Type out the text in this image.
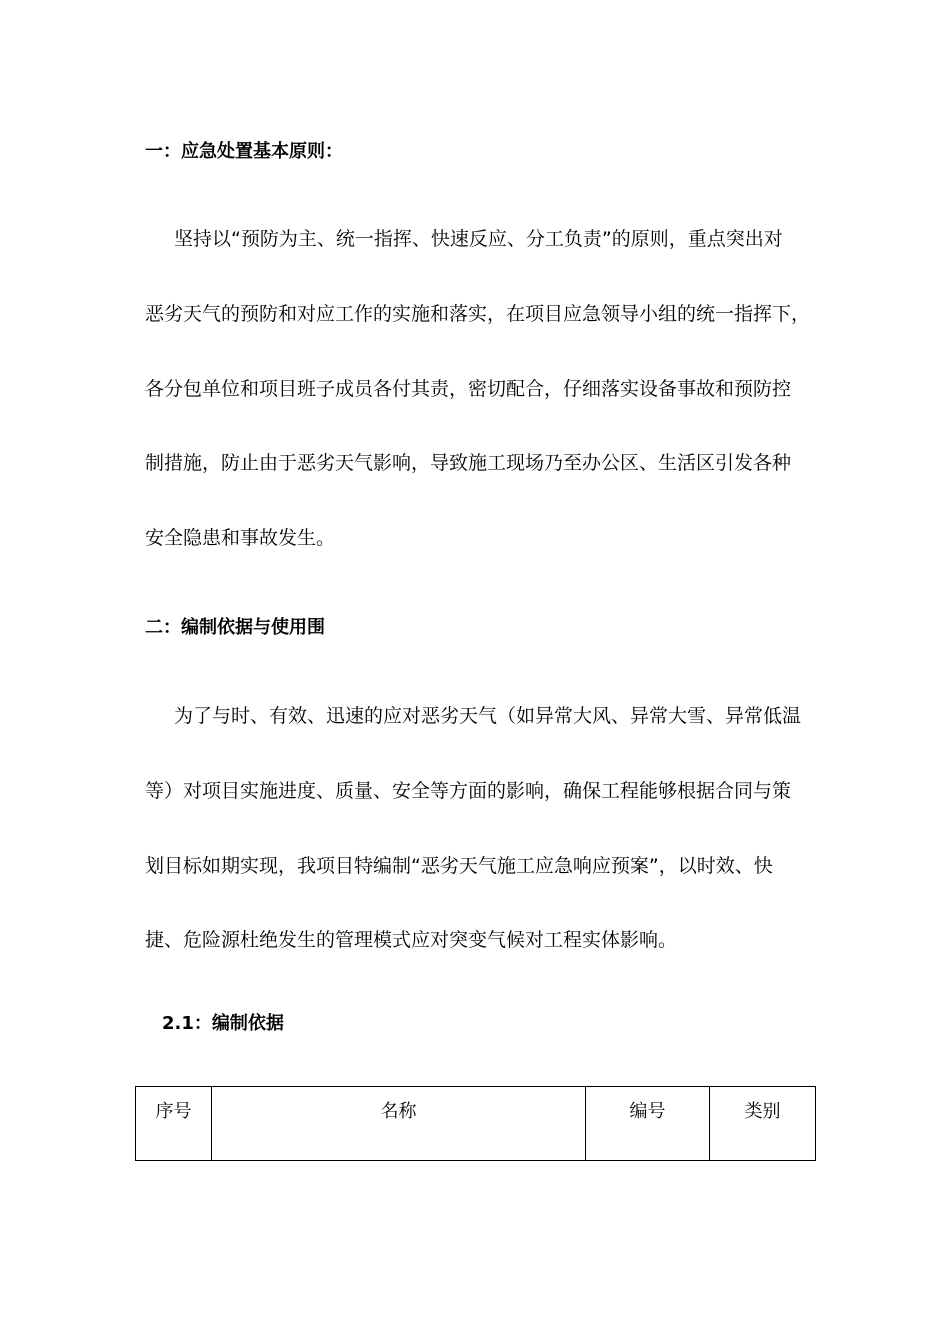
一：应急处置基本原则：
坚持以“预防为主、统一指挥、快速反应、分工负责”的原则，重点突出对
恶劣天气的预防和对应工作的实施和落实，在项目应急领导小组的统一指挥下，
各分包单位和项目班子成员各付其责，密切配合，仔细落实设备事故和预防控
制措施，防止由于恶劣天气影响，导致施工现场乃至办公区、生活区引发各种
安全隐患和事故发生。
二：编制依据与使用围
为了与时、有效、迅速的应对恶劣天气（如异常大风、异常大雪、异常低温
等）对项目实施进度、质量、安全等方面的影响，确保工程能够根据合同与策
划目标如期实现，我项目特编制“恶劣天气施工应急响应预案”，以时效、快
捷、危险源杜绝发生的管理模式应对突变气候对工程实体影响。
2.1：编制依据
序号	名称	编号	类别
